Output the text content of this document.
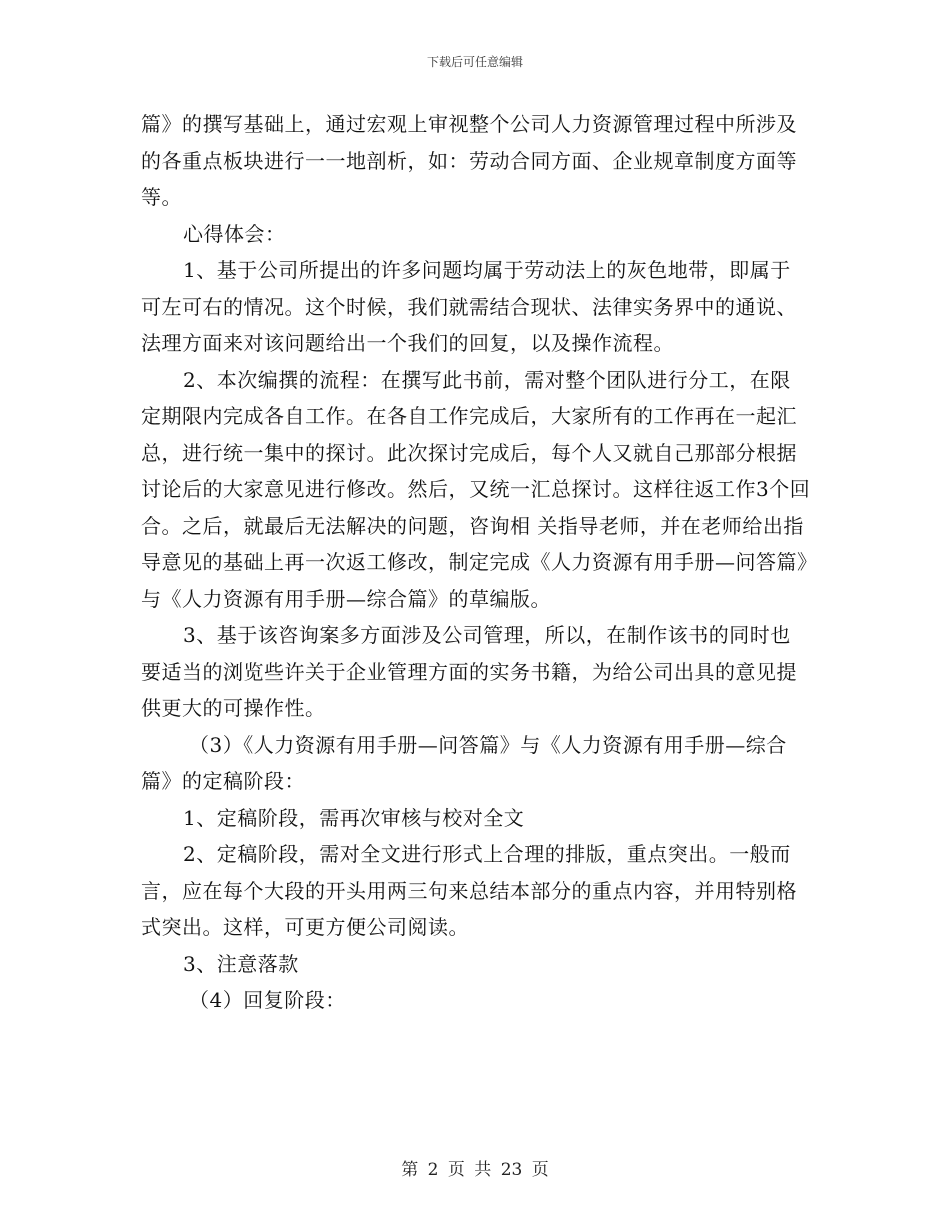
下载后可任意编辑

篇》的撰写基础上，通过宏观上审视整个公司人力资源管理过程中所涉及的各重点板块进行一一地剖析，如：劳动合同方面、企业规章制度方面等等。

心得体会：

1、基于公司所提出的许多问题均属于劳动法上的灰色地带，即属于可左可右的情况。这个时候，我们就需结合现状、法律实务界中的通说、法理方面来对该问题给出一个我们的回复，以及操作流程。

2、本次编撰的流程：在撰写此书前，需对整个团队进行分工，在限定期限内完成各自工作。在各自工作完成后，大家所有的工作再在一起汇总，进行统一集中的探讨。此次探讨完成后，每个人又就自己那部分根据讨论后的大家意见进行修改。然后，又统一汇总探讨。这样往返工作3个回合。之后，就最后无法解决的问题，咨询相 关指导老师，并在老师给出指导意见的基础上再一次返工修改，制定完成《人力资源有用手册—问答篇》与《人力资源有用手册—综合篇》的草编版。

3、基于该咨询案多方面涉及公司管理，所以，在制作该书的同时也要适当的浏览些许关于企业管理方面的实务书籍，为给公司出具的意见提供更大的可操作性。

（3）《人力资源有用手册—问答篇》与《人力资源有用手册—综合篇》的定稿阶段：

1、定稿阶段，需再次审核与校对全文

2、定稿阶段，需对全文进行形式上合理的排版，重点突出。一般而言，应在每个大段的开头用两三句来总结本部分的重点内容，并用特别格式突出。这样，可更方便公司阅读。

3、注意落款

（4）回复阶段：

第 2 页 共 23 页
